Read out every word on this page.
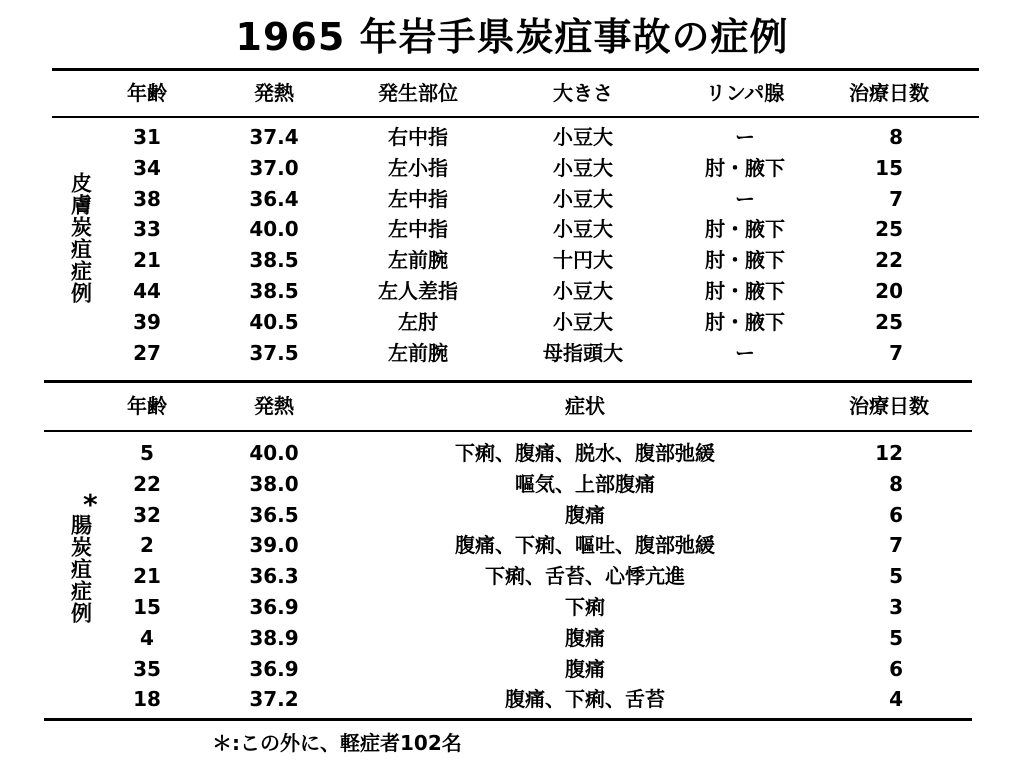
1965 年岩手県炭疽事故の症例
皮膚炭疽症例
年齢	発熱	発生部位	大きさ	リンパ腺	治療日数
31	37.4	右中指	小豆大	ー	8
34	37.0	左小指	小豆大	肘・腋下	15
38	36.4	左中指	小豆大	ー	7
33	40.0	左中指	小豆大	肘・腋下	25
21	38.5	左前腕	十円大	肘・腋下	22
44	38.5	左人差指	小豆大	肘・腋下	20
39	40.5	左肘	小豆大	肘・腋下	25
27	37.5	左前腕	母指頭大	ー	7
*
腸炭疽症例
年齢	発熱	症状	治療日数
5	40.0	下痢、腹痛、脱水、腹部弛緩	12
22	38.0	嘔気、上部腹痛	8
32	36.5	腹痛	6
2	39.0	腹痛、下痢、嘔吐、腹部弛緩	7
21	36.3	下痢、舌苔、心悸亢進	5
15	36.9	下痢	3
4	38.9	腹痛	5
35	36.9	腹痛	6
18	37.2	腹痛、下痢、舌苔	4
＊:この外に、軽症者102名
